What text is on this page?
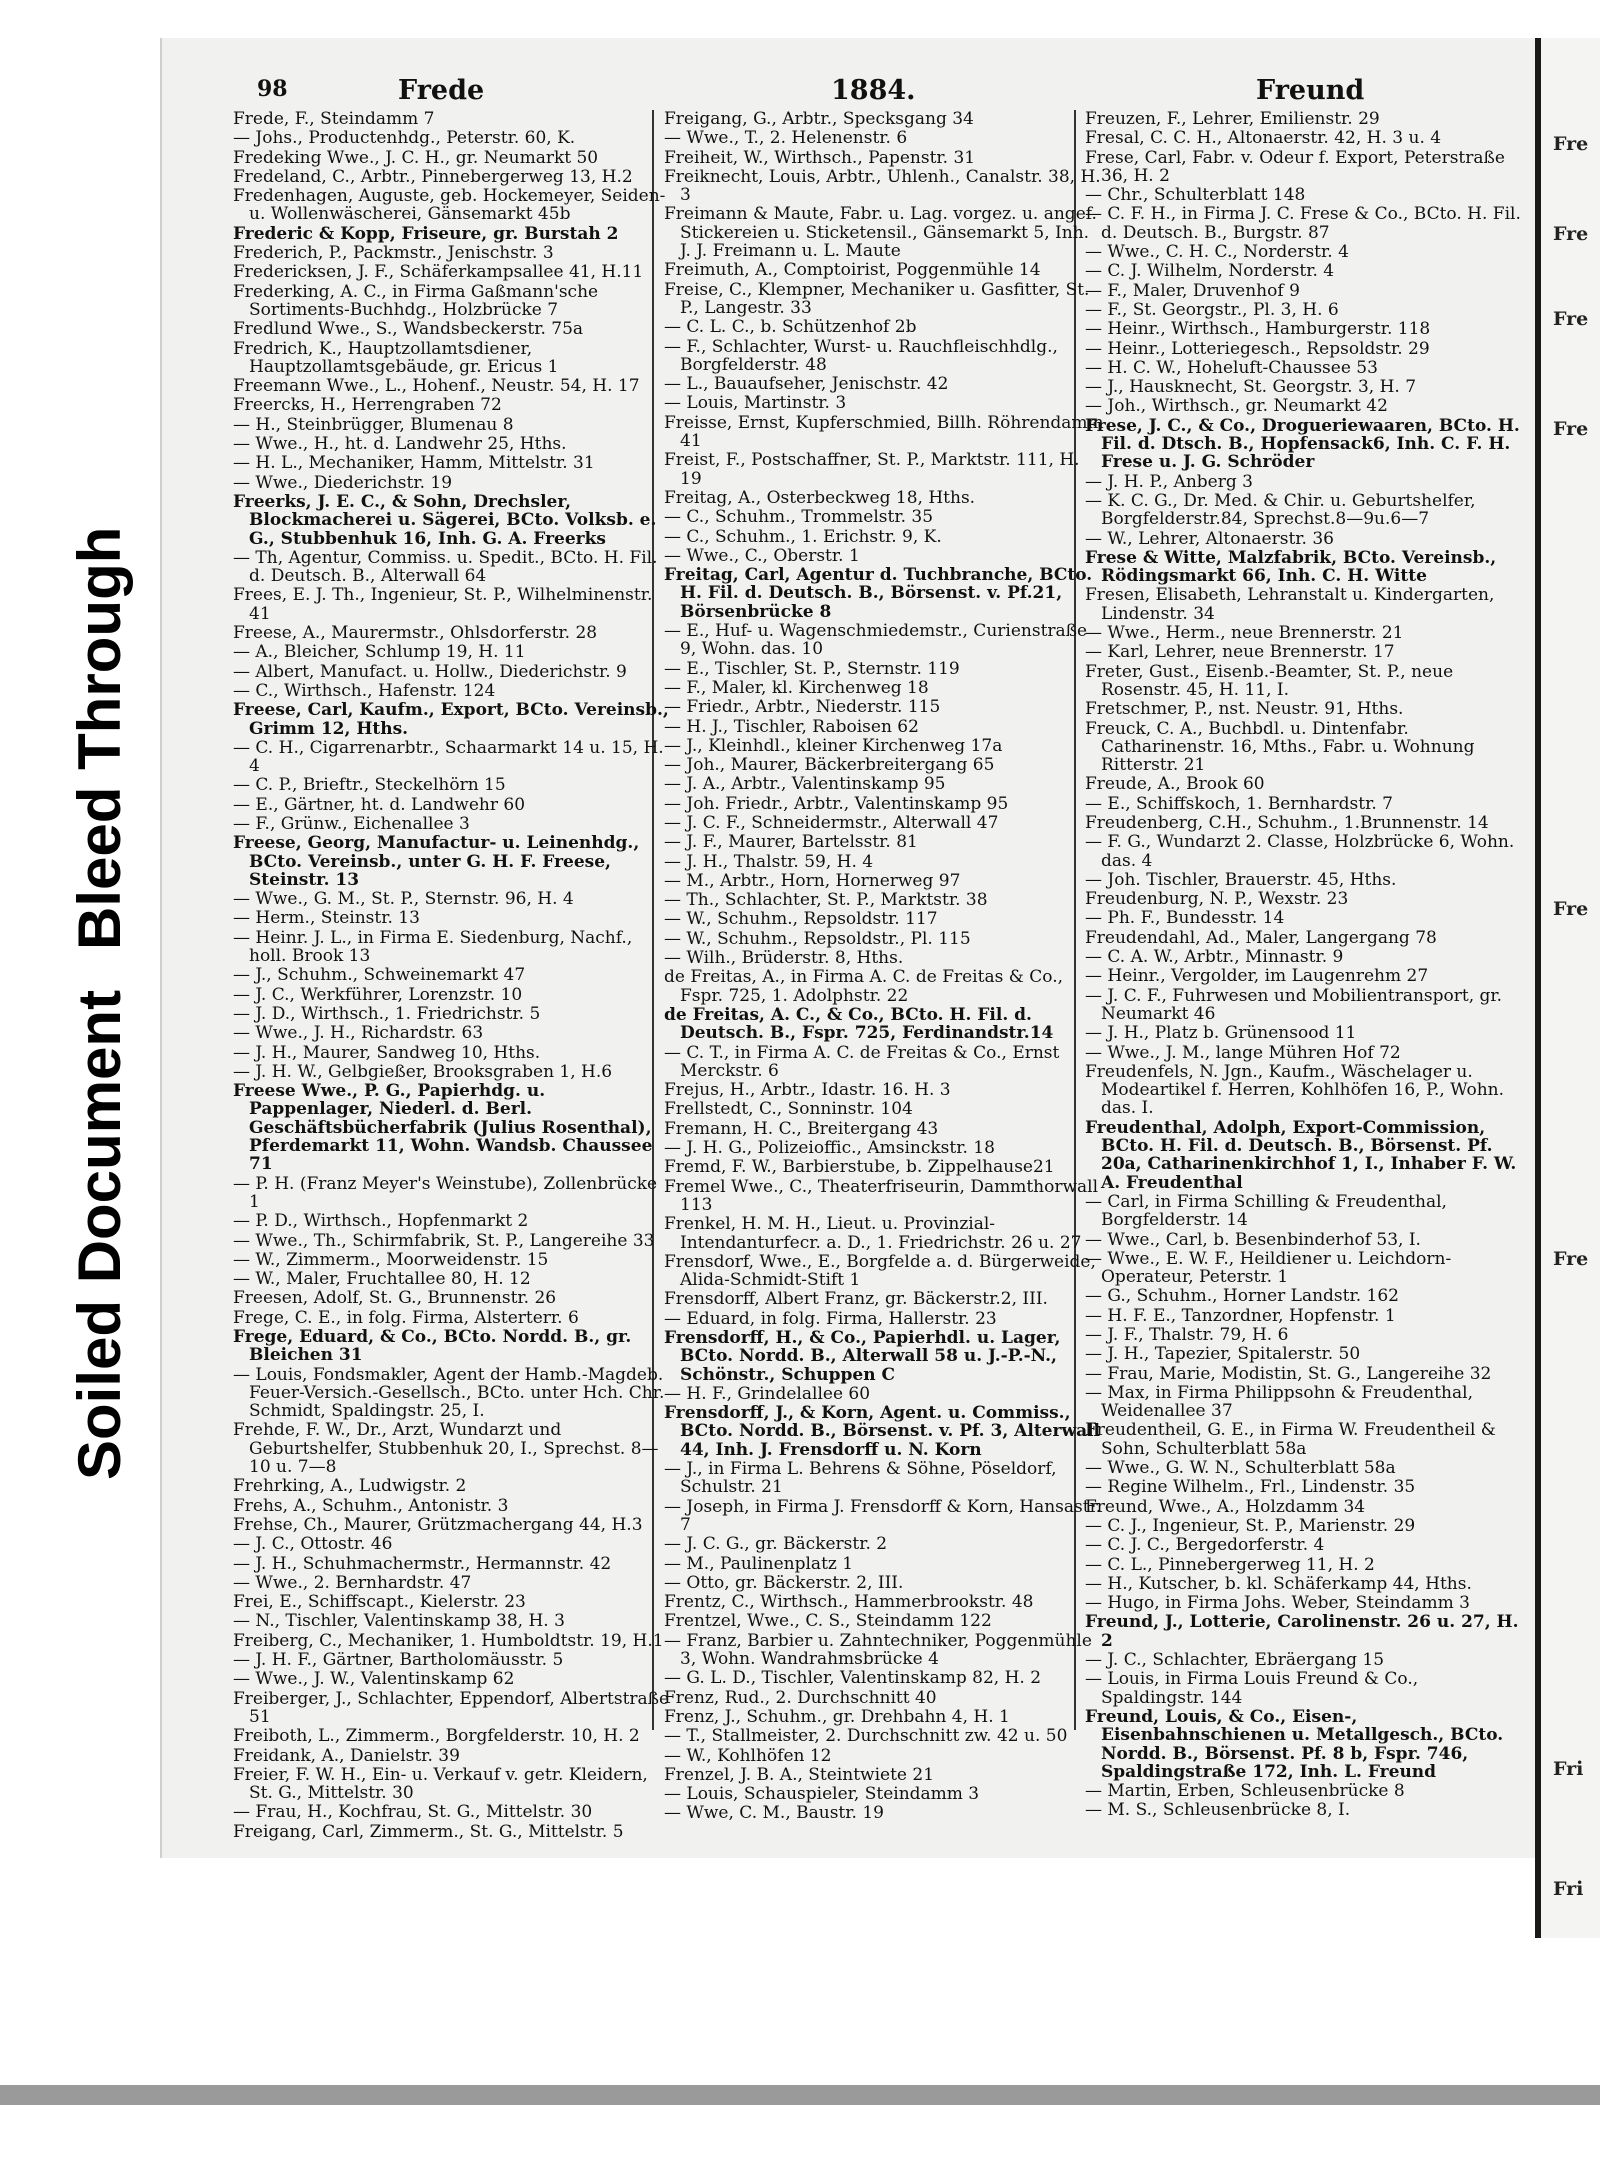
Fre
Fre
Fre
Fre
Fre
Fre
Fri
Fri
Soiled DocumentBleed Through
98	Frede	1884.	Freund
Frede, F., Steindamm 7
— Johs., Productenhdg., Peterstr. 60, K.
Fredeking Wwe., J. C. H., gr. Neumarkt 50
Fredeland, C., Arbtr., Pinnebergerweg 13, H.2
Fredenhagen, Auguste, geb. Hockemeyer, Seiden- u. Wollenwäscherei, Gänsemarkt 45b
Frederic & Kopp, Friseure, gr. Burstah 2
Frederich, P., Packmstr., Jenischstr. 3
Fredericksen, J. F., Schäferkampsallee 41, H.11
Frederking, A. C., in Firma Gaßmann'sche Sortiments-Buchhdg., Holzbrücke 7
Fredlund Wwe., S., Wandsbeckerstr. 75a
Fredrich, K., Hauptzollamtsdiener, Hauptzollamtsgebäude, gr. Ericus 1
Freemann Wwe., L., Hohenf., Neustr. 54, H. 17
Freercks, H., Herrengraben 72
— H., Steinbrügger, Blumenau 8
— Wwe., H., ht. d. Landwehr 25, Hths.
— H. L., Mechaniker, Hamm, Mittelstr. 31
— Wwe., Diederichstr. 19
Freerks, J. E. C., & Sohn, Drechsler, Blockmacherei u. Sägerei, BCto. Volksb. e. G., Stubbenhuk 16, Inh. G. A. Freerks
— Th, Agentur, Commiss. u. Spedit., BCto. H. Fil. d. Deutsch. B., Alterwall 64
Frees, E. J. Th., Ingenieur, St. P., Wilhelminenstr. 41
Freese, A., Maurermstr., Ohlsdorferstr. 28
— A., Bleicher, Schlump 19, H. 11
— Albert, Manufact. u. Hollw., Diederichstr. 9
— C., Wirthsch., Hafenstr. 124
Freese, Carl, Kaufm., Export, BCto. Vereinsb., Grimm 12, Hths.
— C. H., Cigarrenarbtr., Schaarmarkt 14 u. 15, H. 4
— C. P., Brieftr., Steckelhörn 15
— E., Gärtner, ht. d. Landwehr 60
— F., Grünw., Eichenallee 3
Freese, Georg, Manufactur- u. Leinenhdg., BCto. Vereinsb., unter G. H. F. Freese, Steinstr. 13
— Wwe., G. M., St. P., Sternstr. 96, H. 4
— Herm., Steinstr. 13
— Heinr. J. L., in Firma E. Siedenburg, Nachf., holl. Brook 13
— J., Schuhm., Schweinemarkt 47
— J. C., Werkführer, Lorenzstr. 10
— J. D., Wirthsch., 1. Friedrichstr. 5
— Wwe., J. H., Richardstr. 63
— J. H., Maurer, Sandweg 10, Hths.
— J. H. W., Gelbgießer, Brooksgraben 1, H.6
Freese Wwe., P. G., Papierhdg. u. Pappenlager, Niederl. d. Berl. Geschäftsbücherfabrik (Julius Rosenthal), Pferdemarkt 11, Wohn. Wandsb. Chaussee 71
— P. H. (Franz Meyer's Weinstube), Zollenbrücke 1
— P. D., Wirthsch., Hopfenmarkt 2
— Wwe., Th., Schirmfabrik, St. P., Langereihe 33
— W., Zimmerm., Moorweidenstr. 15
— W., Maler, Fruchtallee 80, H. 12
Freesen, Adolf, St. G., Brunnenstr. 26
Frege, C. E., in folg. Firma, Alsterterr. 6
Frege, Eduard, & Co., BCto. Nordd. B., gr. Bleichen 31
— Louis, Fondsmakler, Agent der Hamb.-Magdeb. Feuer-Versich.-Gesellsch., BCto. unter Hch. Chr. Schmidt, Spaldingstr. 25, I.
Frehde, F. W., Dr., Arzt, Wundarzt und Geburtshelfer, Stubbenhuk 20, I., Sprechst. 8—10 u. 7—8
Frehrking, A., Ludwigstr. 2
Frehs, A., Schuhm., Antonistr. 3
Frehse, Ch., Maurer, Grützmachergang 44, H.3
— J. C., Ottostr. 46
— J. H., Schuhmachermstr., Hermannstr. 42
— Wwe., 2. Bernhardstr. 47
Frei, E., Schiffscapt., Kielerstr. 23
— N., Tischler, Valentinskamp 38, H. 3
Freiberg, C., Mechaniker, 1. Humboldtstr. 19, H.1
— J. H. F., Gärtner, Bartholomäusstr. 5
— Wwe., J. W., Valentinskamp 62
Freiberger, J., Schlachter, Eppendorf, Albertstraße 51
Freiboth, L., Zimmerm., Borgfelderstr. 10, H. 2
Freidank, A., Danielstr. 39
Freier, F. W. H., Ein- u. Verkauf v. getr. Kleidern, St. G., Mittelstr. 30
— Frau, H., Kochfrau, St. G., Mittelstr. 30
Freigang, Carl, Zimmerm., St. G., Mittelstr. 5
Freigang, G., Arbtr., Specksgang 34
— Wwe., T., 2. Helenenstr. 6
Freiheit, W., Wirthsch., Papenstr. 31
Freiknecht, Louis, Arbtr., Uhlenh., Canalstr. 38, H. 3
Freimann & Maute, Fabr. u. Lag. vorgez. u. angef. Stickereien u. Sticketensil., Gänsemarkt 5, Inh. J. J. Freimann u. L. Maute
Freimuth, A., Comptoirist, Poggenmühle 14
Freise, C., Klempner, Mechaniker u. Gasfitter, St. P., Langestr. 33
— C. L. C., b. Schützenhof 2b
— F., Schlachter, Wurst- u. Rauchfleischhdlg., Borgfelderstr. 48
— L., Bauaufseher, Jenischstr. 42
— Louis, Martinstr. 3
Freisse, Ernst, Kupferschmied, Billh. Röhrendamm 41
Freist, F., Postschaffner, St. P., Marktstr. 111, H. 19
Freitag, A., Osterbeckweg 18, Hths.
— C., Schuhm., Trommelstr. 35
— C., Schuhm., 1. Erichstr. 9, K.
— Wwe., C., Oberstr. 1
Freitag, Carl, Agentur d. Tuchbranche, BCto. H. Fil. d. Deutsch. B., Börsenst. v. Pf.21, Börsenbrücke 8
— E., Huf- u. Wagenschmiedemstr., Curienstraße 9, Wohn. das. 10
— E., Tischler, St. P., Sternstr. 119
— F., Maler, kl. Kirchenweg 18
— Friedr., Arbtr., Niederstr. 115
— H. J., Tischler, Raboisen 62
— J., Kleinhdl., kleiner Kirchenweg 17a
— Joh., Maurer, Bäckerbreitergang 65
— J. A., Arbtr., Valentinskamp 95
— Joh. Friedr., Arbtr., Valentinskamp 95
— J. C. F., Schneidermstr., Alterwall 47
— J. F., Maurer, Bartelsstr. 81
— J. H., Thalstr. 59, H. 4
— M., Arbtr., Horn, Hornerweg 97
— Th., Schlachter, St. P., Marktstr. 38
— W., Schuhm., Repsoldstr. 117
— W., Schuhm., Repsoldstr., Pl. 115
— Wilh., Brüderstr. 8, Hths.
de Freitas, A., in Firma A. C. de Freitas & Co., Fspr. 725, 1. Adolphstr. 22
de Freitas, A. C., & Co., BCto. H. Fil. d. Deutsch. B., Fspr. 725, Ferdinandstr.14
— C. T., in Firma A. C. de Freitas & Co., Ernst Merckstr. 6
Frejus, H., Arbtr., Idastr. 16. H. 3
Frellstedt, C., Sonninstr. 104
Fremann, H. C., Breitergang 43
— J. H. G., Polizeioffic., Amsinckstr. 18
Fremd, F. W., Barbierstube, b. Zippelhause21
Fremel Wwe., C., Theaterfriseurin, Dammthorwall 113
Frenkel, H. M. H., Lieut. u. Provinzial-Intendanturfecr. a. D., 1. Friedrichstr. 26 u. 27
Frensdorf, Wwe., E., Borgfelde a. d. Bürgerweide, Alida-Schmidt-Stift 1
Frensdorff, Albert Franz, gr. Bäckerstr.2, III.
— Eduard, in folg. Firma, Hallerstr. 23
Frensdorff, H., & Co., Papierhdl. u. Lager, BCto. Nordd. B., Alterwall 58 u. J.-P.-N., Schönstr., Schuppen C
— H. F., Grindelallee 60
Frensdorff, J., & Korn, Agent. u. Commiss., BCto. Nordd. B., Börsenst. v. Pf. 3, Alterwall 44, Inh. J. Frensdorff u. N. Korn
— J., in Firma L. Behrens & Söhne, Pöseldorf, Schulstr. 21
— Joseph, in Firma J. Frensdorff & Korn, Hansastr. 7
— J. C. G., gr. Bäckerstr. 2
— M., Paulinenplatz 1
— Otto, gr. Bäckerstr. 2, III.
Frentz, C., Wirthsch., Hammerbrookstr. 48
Frentzel, Wwe., C. S., Steindamm 122
— Franz, Barbier u. Zahntechniker, Poggenmühle 3, Wohn. Wandrahmsbrücke 4
— G. L. D., Tischler, Valentinskamp 82, H. 2
Frenz, Rud., 2. Durchschnitt 40
Frenz, J., Schuhm., gr. Drehbahn 4, H. 1
— T., Stallmeister, 2. Durchschnitt zw. 42 u. 50
— W., Kohlhöfen 12
Frenzel, J. B. A., Steintwiete 21
— Louis, Schauspieler, Steindamm 3
— Wwe, C. M., Baustr. 19
Freuzen, F., Lehrer, Emilienstr. 29
Fresal, C. C. H., Altonaerstr. 42, H. 3 u. 4
Frese, Carl, Fabr. v. Odeur f. Export, Peterstraße 36, H. 2
— Chr., Schulterblatt 148
— C. F. H., in Firma J. C. Frese & Co., BCto. H. Fil. d. Deutsch. B., Burgstr. 87
— Wwe., C. H. C., Norderstr. 4
— C. J. Wilhelm, Norderstr. 4
— F., Maler, Druvenhof 9
— F., St. Georgstr., Pl. 3, H. 6
— Heinr., Wirthsch., Hamburgerstr. 118
— Heinr., Lotteriegesch., Repsoldstr. 29
— H. C. W., Hoheluft-Chaussee 53
— J., Hausknecht, St. Georgstr. 3, H. 7
— Joh., Wirthsch., gr. Neumarkt 42
Frese, J. C., & Co., Drogueriewaaren, BCto. H. Fil. d. Dtsch. B., Hopfensack6, Inh. C. F. H. Frese u. J. G. Schröder
— J. H. P., Anberg 3
— K. C. G., Dr. Med. & Chir. u. Geburtshelfer, Borgfelderstr.84, Sprechst.8—9u.6—7
— W., Lehrer, Altonaerstr. 36
Frese & Witte, Malzfabrik, BCto. Vereinsb., Rödingsmarkt 66, Inh. C. H. Witte
Fresen, Elisabeth, Lehranstalt u. Kindergarten, Lindenstr. 34
— Wwe., Herm., neue Brennerstr. 21
— Karl, Lehrer, neue Brennerstr. 17
Freter, Gust., Eisenb.-Beamter, St. P., neue Rosenstr. 45, H. 11, I.
Fretschmer, P., nst. Neustr. 91, Hths.
Freuck, C. A., Buchbdl. u. Dintenfabr. Catharinenstr. 16, Mths., Fabr. u. Wohnung Ritterstr. 21
Freude, A., Brook 60
— E., Schiffskoch, 1. Bernhardstr. 7
Freudenberg, C.H., Schuhm., 1.Brunnenstr. 14
— F. G., Wundarzt 2. Classe, Holzbrücke 6, Wohn. das. 4
— Joh. Tischler, Brauerstr. 45, Hths.
Freudenburg, N. P., Wexstr. 23
— Ph. F., Bundesstr. 14
Freudendahl, Ad., Maler, Langergang 78
— C. A. W., Arbtr., Minnastr. 9
— Heinr., Vergolder, im Laugenrehm 27
— J. C. F., Fuhrwesen und Mobilientransport, gr. Neumarkt 46
— J. H., Platz b. Grünensood 11
— Wwe., J. M., lange Mühren Hof 72
Freudenfels, N. Jgn., Kaufm., Wäschelager u. Modeartikel f. Herren, Kohlhöfen 16, P., Wohn. das. I.
Freudenthal, Adolph, Export-Commission, BCto. H. Fil. d. Deutsch. B., Börsenst. Pf. 20a, Catharinenkirchhof 1, I., Inhaber F. W. A. Freudenthal
— Carl, in Firma Schilling & Freudenthal, Borgfelderstr. 14
— Wwe., Carl, b. Besenbinderhof 53, I.
— Wwe., E. W. F., Heildiener u. Leichdorn-Operateur, Peterstr. 1
— G., Schuhm., Horner Landstr. 162
— H. F. E., Tanzordner, Hopfenstr. 1
— J. F., Thalstr. 79, H. 6
— J. H., Tapezier, Spitalerstr. 50
— Frau, Marie, Modistin, St. G., Langereihe 32
— Max, in Firma Philippsohn & Freudenthal, Weidenallee 37
Freudentheil, G. E., in Firma W. Freudentheil & Sohn, Schulterblatt 58a
— Wwe., G. W. N., Schulterblatt 58a
— Regine Wilhelm., Frl., Lindenstr. 35
Freund, Wwe., A., Holzdamm 34
— C. J., Ingenieur, St. P., Marienstr. 29
— C. J. C., Bergedorferstr. 4
— C. L., Pinnebergerweg 11, H. 2
— H., Kutscher, b. kl. Schäferkamp 44, Hths.
— Hugo, in Firma Johs. Weber, Steindamm 3
Freund, J., Lotterie, Carolinenstr. 26 u. 27, H. 2
— J. C., Schlachter, Ebräergang 15
— Louis, in Firma Louis Freund & Co., Spaldingstr. 144
Freund, Louis, & Co., Eisen-, Eisenbahnschienen u. Metallgesch., BCto. Nordd. B., Börsenst. Pf. 8 b, Fspr. 746, Spaldingstraße 172, Inh. L. Freund
— Martin, Erben, Schleusenbrücke 8
— M. S., Schleusenbrücke 8, I.
